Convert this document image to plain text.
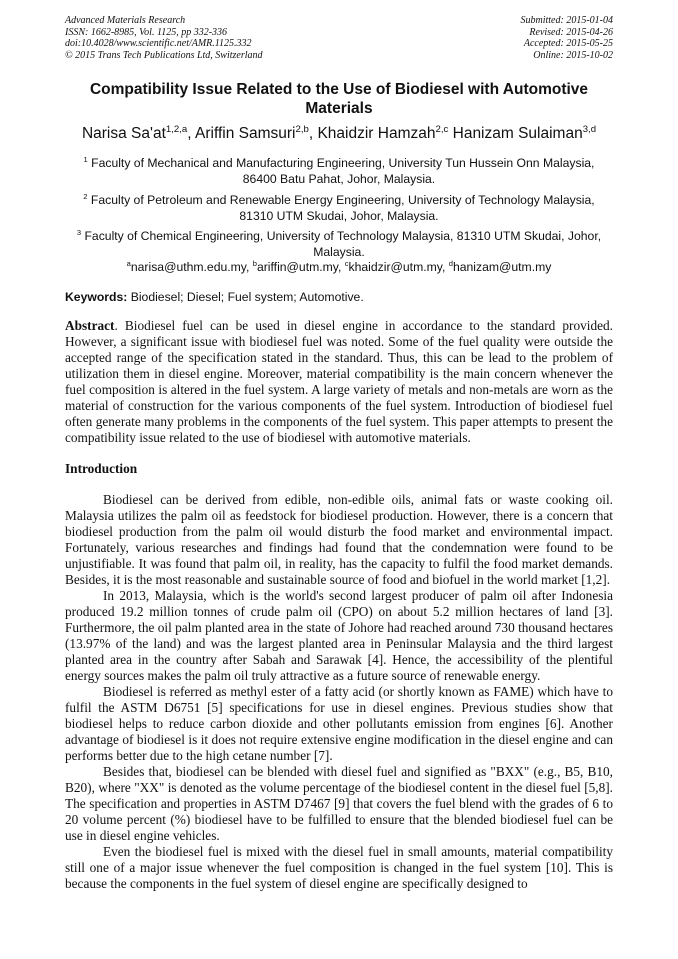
Advanced Materials Research
ISSN: 1662-8985, Vol. 1125, pp 332-336
doi:10.4028/www.scientific.net/AMR.1125.332
© 2015 Trans Tech Publications Ltd, Switzerland
Submitted: 2015-01-04
Revised: 2015-04-26
Accepted: 2015-05-25
Online: 2015-10-02
Compatibility Issue Related to the Use of Biodiesel with Automotive Materials
Narisa Sa'at$^{1,2,a}$, Ariffin Samsuri$^{2,b}$, Khaidzir Hamzah$^{2,c}$ Hanizam Sulaiman$^{3,d}$
$^1$ Faculty of Mechanical and Manufacturing Engineering, University Tun Hussein Onn Malaysia, 86400 Batu Pahat, Johor, Malaysia.
$^2$ Faculty of Petroleum and Renewable Energy Engineering, University of Technology Malaysia, 81310 UTM Skudai, Johor, Malaysia.
$^3$ Faculty of Chemical Engineering, University of Technology Malaysia, 81310 UTM Skudai, Johor, Malaysia.
$^a$narisa@uthm.edu.my, $^b$ariffin@utm.my, $^c$khaidzir@utm.my, $^d$hanizam@utm.my
Keywords: Biodiesel; Diesel; Fuel system; Automotive.

Abstract. Biodiesel fuel can be used in diesel engine in accordance to the standard provided. However, a significant issue with biodiesel fuel was noted. Some of the fuel quality were outside the accepted range of the specification stated in the standard. Thus, this can be lead to the problem of utilization them in diesel engine. Moreover, material compatibility is the main concern whenever the fuel composition is altered in the fuel system. A large variety of metals and non-metals are worn as the material of construction for the various components of the fuel system. Introduction of biodiesel fuel often generate many problems in the components of the fuel system. This paper attempts to present the compatibility issue related to the use of biodiesel with automotive materials.

Introduction

Biodiesel can be derived from edible, non-edible oils, animal fats or waste cooking oil. Malaysia utilizes the palm oil as feedstock for biodiesel production. However, there is a concern that biodiesel production from the palm oil would disturb the food market and environmental impact. Fortunately, various researches and findings had found that the condemnation were found to be unjustifiable. It was found that palm oil, in reality, has the capacity to fulfil the food market demands. Besides, it is the most reasonable and sustainable source of food and biofuel in the world market [1,2].

In 2013, Malaysia, which is the world's second largest producer of palm oil after Indonesia produced 19.2 million tonnes of crude palm oil (CPO) on about 5.2 million hectares of land [3]. Furthermore, the oil palm planted area in the state of Johore had reached around 730 thousand hectares (13.97% of the land) and was the largest planted area in Peninsular Malaysia and the third largest planted area in the country after Sabah and Sarawak [4]. Hence, the accessibility of the plentiful energy sources makes the palm oil truly attractive as a future source of renewable energy.

Biodiesel is referred as methyl ester of a fatty acid (or shortly known as FAME) which have to fulfil the ASTM D6751 [5] specifications for use in diesel engines. Previous studies show that biodiesel helps to reduce carbon dioxide and other pollutants emission from engines [6]. Another advantage of biodiesel is it does not require extensive engine modification in the diesel engine and can performs better due to the high cetane number [7].

Besides that, biodiesel can be blended with diesel fuel and signified as "BXX" (e.g., B5, B10, B20), where "XX" is denoted as the volume percentage of the biodiesel content in the diesel fuel [5,8]. The specification and properties in ASTM D7467 [9] that covers the fuel blend with the grades of 6 to 20 volume percent (%) biodiesel have to be fulfilled to ensure that the blended biodiesel fuel can be use in diesel engine vehicles.

Even the biodiesel fuel is mixed with the diesel fuel in small amounts, material compatibility still one of a major issue whenever the fuel composition is changed in the fuel system [10]. This is because the components in the fuel system of diesel engine are specifically designed to
